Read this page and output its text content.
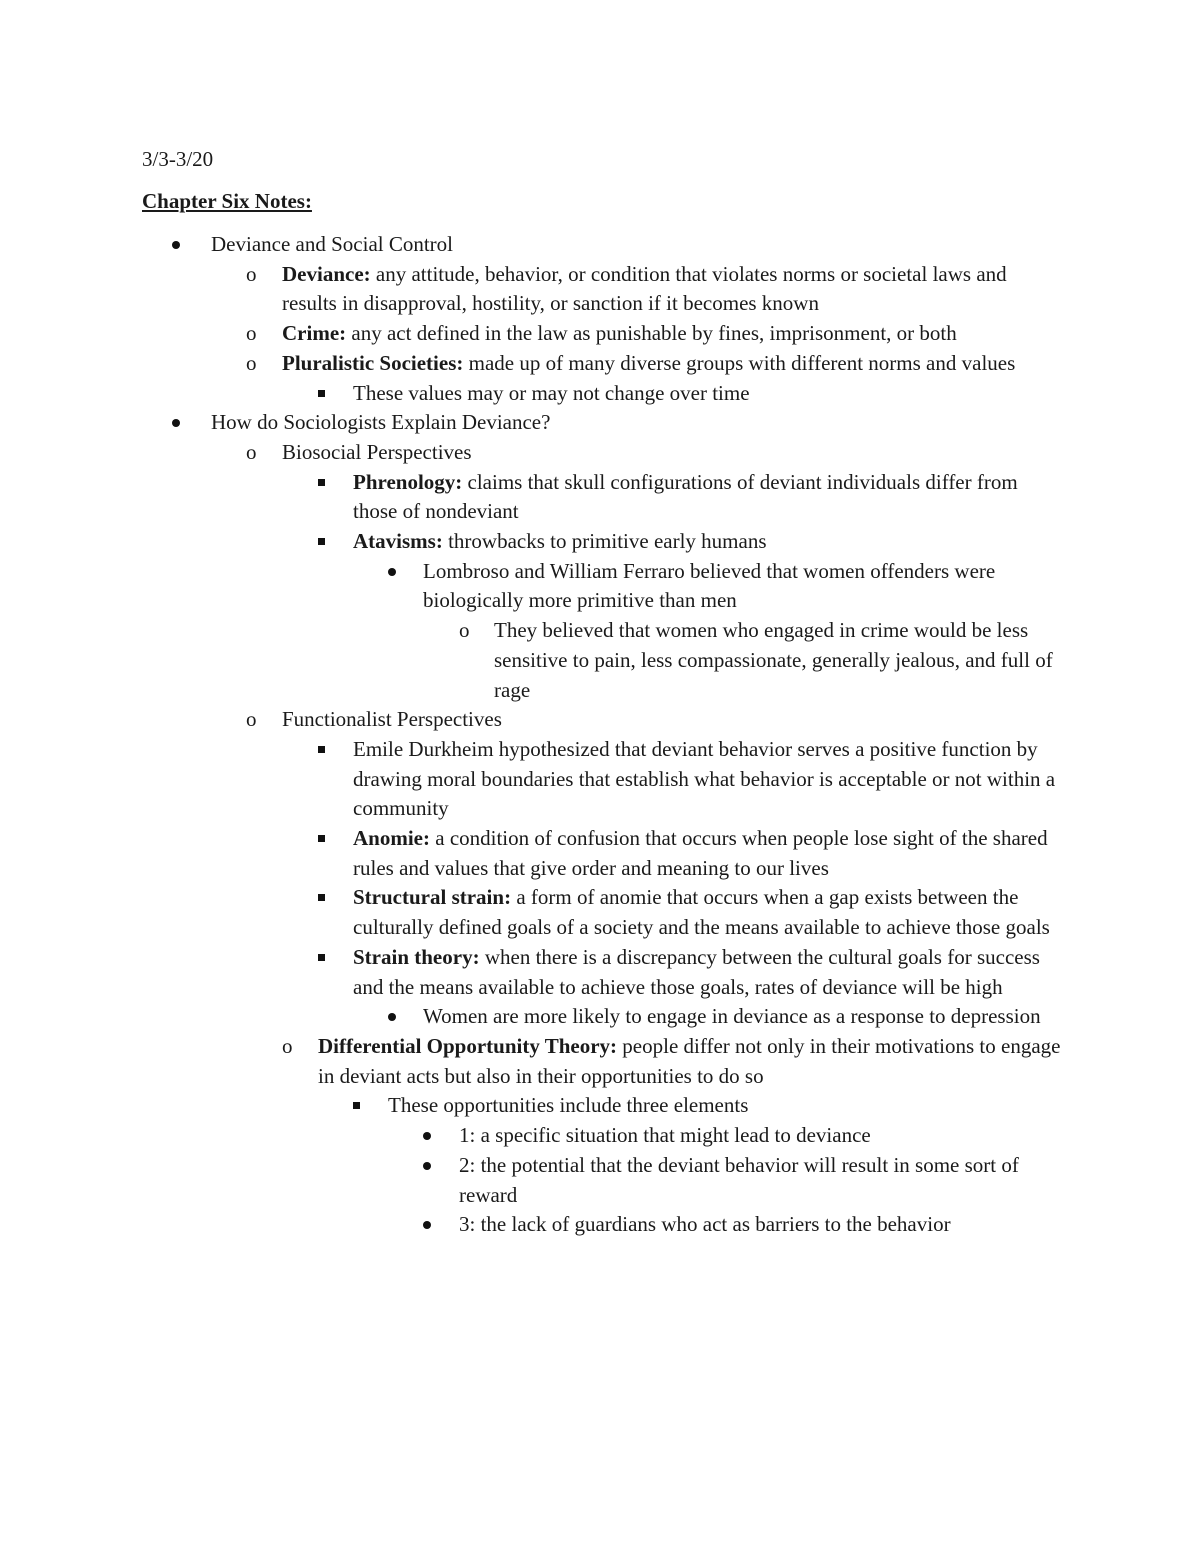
3/3-3/20
Chapter Six Notes:
Deviance and Social Control
o Deviance: any attitude, behavior, or condition that violates norms or societal laws and results in disapproval, hostility, or sanction if it becomes known
o Crime: any act defined in the law as punishable by fines, imprisonment, or both
o Pluralistic Societies: made up of many diverse groups with different norms and values
These values may or may not change over time
How do Sociologists Explain Deviance?
o Biosocial Perspectives
Phrenology: claims that skull configurations of deviant individuals differ from those of nondeviant
Atavisms: throwbacks to primitive early humans
Lombroso and William Ferraro believed that women offenders were biologically more primitive than men
o They believed that women who engaged in crime would be less sensitive to pain, less compassionate, generally jealous, and full of rage
o Functionalist Perspectives
Emile Durkheim hypothesized that deviant behavior serves a positive function by drawing moral boundaries that establish what behavior is acceptable or not within a community
Anomie: a condition of confusion that occurs when people lose sight of the shared rules and values that give order and meaning to our lives
Structural strain: a form of anomie that occurs when a gap exists between the culturally defined goals of a society and the means available to achieve those goals
Strain theory: when there is a discrepancy between the cultural goals for success and the means available to achieve those goals, rates of deviance will be high
Women are more likely to engage in deviance as a response to depression
o Differential Opportunity Theory: people differ not only in their motivations to engage in deviant acts but also in their opportunities to do so
These opportunities include three elements
1: a specific situation that might lead to deviance
2: the potential that the deviant behavior will result in some sort of reward
3: the lack of guardians who act as barriers to the behavior
